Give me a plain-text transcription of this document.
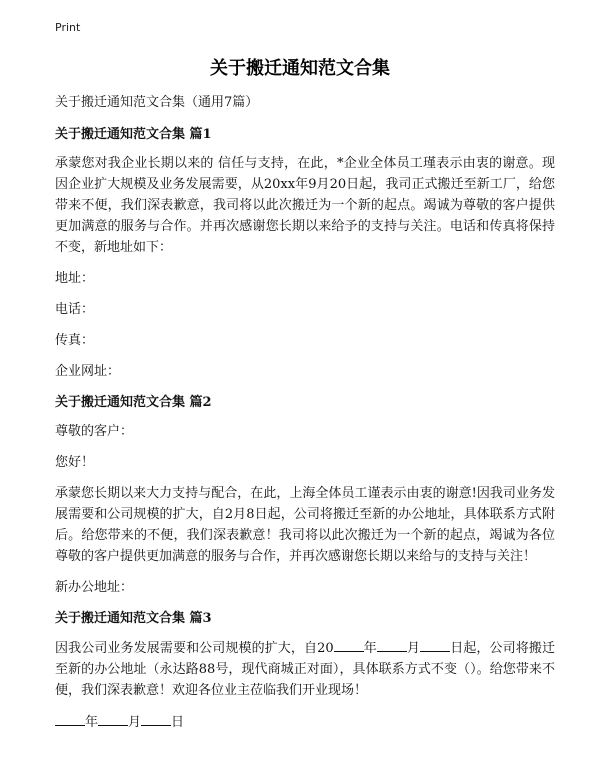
Print
关于搬迁通知范文合集

关于搬迁通知范文合集（通用7篇）

关于搬迁通知范文合集 篇1

承蒙您对我企业长期以来的 信任与支持，在此，*企业全体员工瑾表示由衷的谢意。现因企业扩大规模及业务发展需要，从20xx年9月20日起，我司正式搬迁至新工厂，给您带来不便，我们深表歉意，我司将以此次搬迁为一个新的起点。竭诚为尊敬的客户提供更加满意的服务与合作。并再次感谢您长期以来给予的支持与关注。电话和传真将保持不变，新地址如下：

地址：

电话：

传真：

企业网址：

关于搬迁通知范文合集 篇2

尊敬的客户：

您好！

承蒙您长期以来大力支持与配合，在此，上海全体员工谨表示由衷的谢意!因我司业务发展需要和公司规模的扩大，自2月8日起，公司将搬迁至新的办公地址，具体联系方式附后。给您带来的不便，我们深表歉意！我司将以此次搬迁为一个新的起点，竭诚为各位尊敬的客户提供更加满意的服务与合作，并再次感谢您长期以来给与的支持与关注！

新办公地址：

关于搬迁通知范文合集 篇3

因我公司业务发展需要和公司规模的扩大，自20 年 月 日起，公司将搬迁至新的办公地址（永达路88号，现代商城正对面），具体联系方式不变（）。给您带来不便，我们深表歉意！欢迎各位业主莅临我们开业现场！

年 月 日
